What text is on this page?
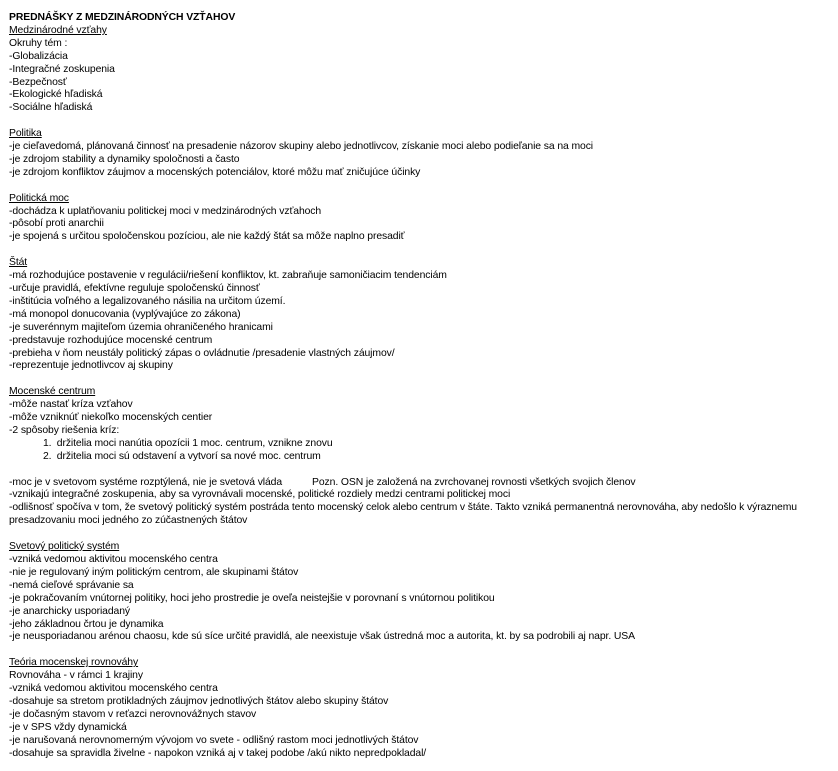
PREDNÁŠKY Z MEDZINÁRODNÝCH VZŤAHOV
Medzinárodné vzťahy
Okruhy tém :
-Globalizácia
-Integračné zoskupenia
-Bezpečnosť
-Ekologické hľadiská
-Sociálne hľadiská
Politika
-je cieľavedomá, plánovaná činnosť na presadenie názorov skupiny alebo jednotlivcov, získanie moci alebo podieľanie sa na moci
-je zdrojom stability a dynamiky spoločnosti a často
-je zdrojom konfliktov záujmov a mocenských potenciálov, ktoré môžu mať zničujúce účinky
Politická moc
-dochádza k uplatňovaniu politickej moci v medzinárodných vzťahoch
-pôsobí proti anarchii
-je spojená s určitou spoločenskou pozíciou, ale nie každý štát sa môže naplno presadiť
Štát
-má rozhodujúce postavenie v regulácii/riešení konfliktov, kt. zabraňuje samoničiacim tendenciám
-určuje pravidlá, efektívne reguluje spoločenskú činnosť
-inštitúcia voľného a legalizovaného násilia na určitom území.
-má monopol donucovania (vyplývajúce zo zákona)
-je suverénnym majiteľom územia ohraničeného hranicami
-predstavuje rozhodujúce mocenské centrum
-prebieha v ňom neustály politický zápas o ovládnutie /presadenie vlastných záujmov/
-reprezentuje jednotlivcov aj skupiny
Mocenské centrum
-môže nastať kríza vzťahov
-môže vzniknúť niekoľko mocenských centier
-2 spôsoby riešenia kríz:
1. držitelia moci nanútia opozícii 1 moc. centrum, vznikne znovu
2. držitelia moci sú odstavení a vytvorí sa nové moc. centrum
-moc je v svetovom systéme rozptýlená, nie je svetová vláda	Pozn. OSN je založená na zvrchovanej rovnosti všetkých svojich členov
-vznikajú integračné zoskupenia, aby sa vyrovnávali mocenské, politické rozdiely medzi centrami politickej moci
-odlišnosť spočíva v tom, že svetový politický systém postráda tento mocenský celok alebo centrum v štáte. Takto vzniká permanentná nerovnováha, aby nedošlo k výraznemu presadzovaniu moci jedného zo zúčastnených štátov
Svetový politický systém
-vzniká vedomou aktivitou mocenského centra
-nie je regulovaný iným politickým centrom, ale skupinami štátov
-nemá cieľové správanie sa
-je pokračovaním vnútornej politiky, hoci jeho prostredie je oveľa neistejšie v porovnaní s vnútornou politikou
-je anarchicky usporiadaný
-jeho základnou črtou je dynamika
-je neusporiadanou arénou chaosu, kde sú síce určité pravidlá, ale neexistuje však ústredná moc a autorita, kt. by sa podrobili aj napr. USA
Teória mocenskej rovnováhy
Rovnováha - v rámci 1 krajiny
-vzniká vedomou aktivitou mocenského centra
-dosahuje sa stretom protikladných záujmov jednotlivých štátov alebo skupiny štátov
-je dočasným stavom v reťazci nerovnovážnych stavov
-je v SPS vždy dynamická
-je narušovaná nerovnomerným vývojom vo svete - odlišný rastom moci jednotlivých štátov
-dosahuje sa spravidla živelne - napokon vzniká aj v takej podobe /akú nikto nepredpokladal/
